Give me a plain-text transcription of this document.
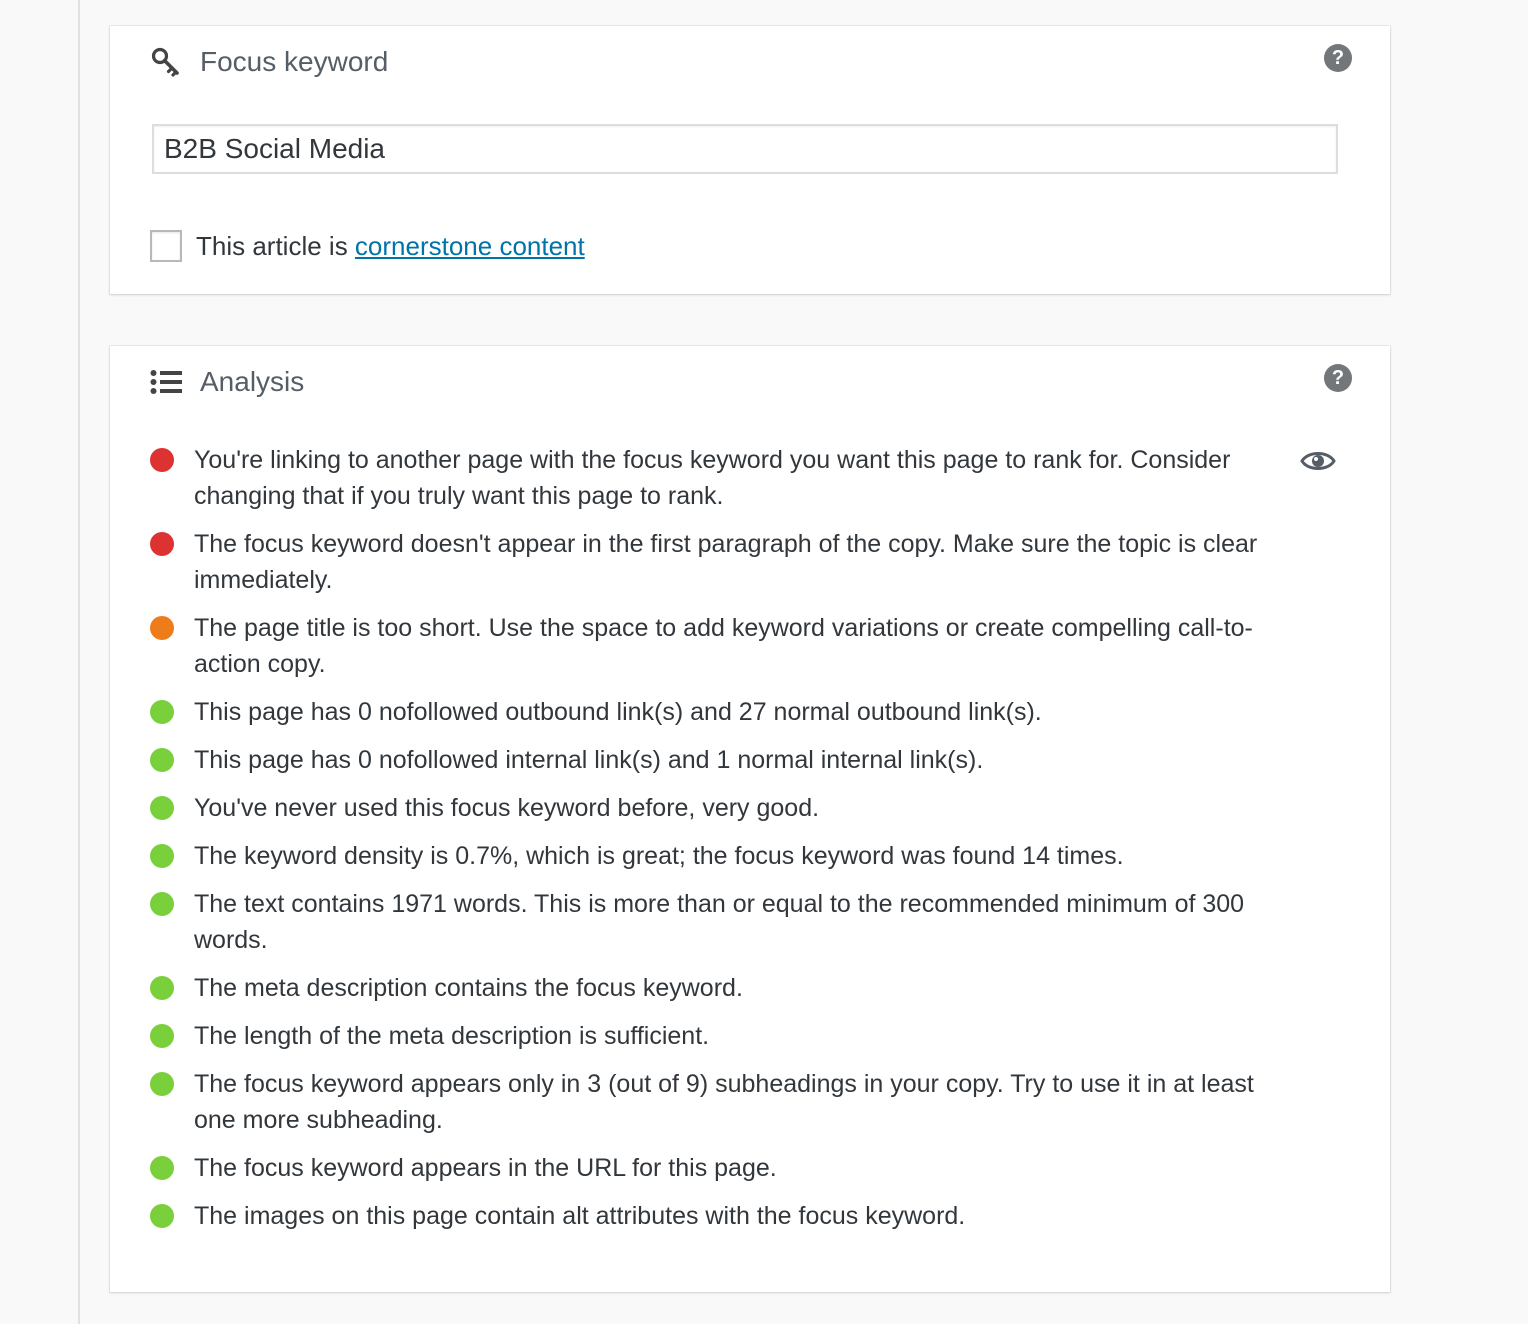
Focus keyword	?
B2B Social Media
This article is cornerstone content
Analysis	?
You're linking to another page with the focus keyword you want this page to rank for. Consider changing that if you truly want this page to rank.
The focus keyword doesn't appear in the first paragraph of the copy. Make sure the topic is clear immediately.
The page title is too short. Use the space to add keyword variations or create compelling call-to-action copy.
This page has 0 nofollowed outbound link(s) and 27 normal outbound link(s).
This page has 0 nofollowed internal link(s) and 1 normal internal link(s).
You've never used this focus keyword before, very good.
The keyword density is 0.7%, which is great; the focus keyword was found 14 times.
The text contains 1971 words. This is more than or equal to the recommended minimum of 300 words.
The meta description contains the focus keyword.
The length of the meta description is sufficient.
The focus keyword appears only in 3 (out of 9) subheadings in your copy. Try to use it in at least one more subheading.
The focus keyword appears in the URL for this page.
The images on this page contain alt attributes with the focus keyword.
